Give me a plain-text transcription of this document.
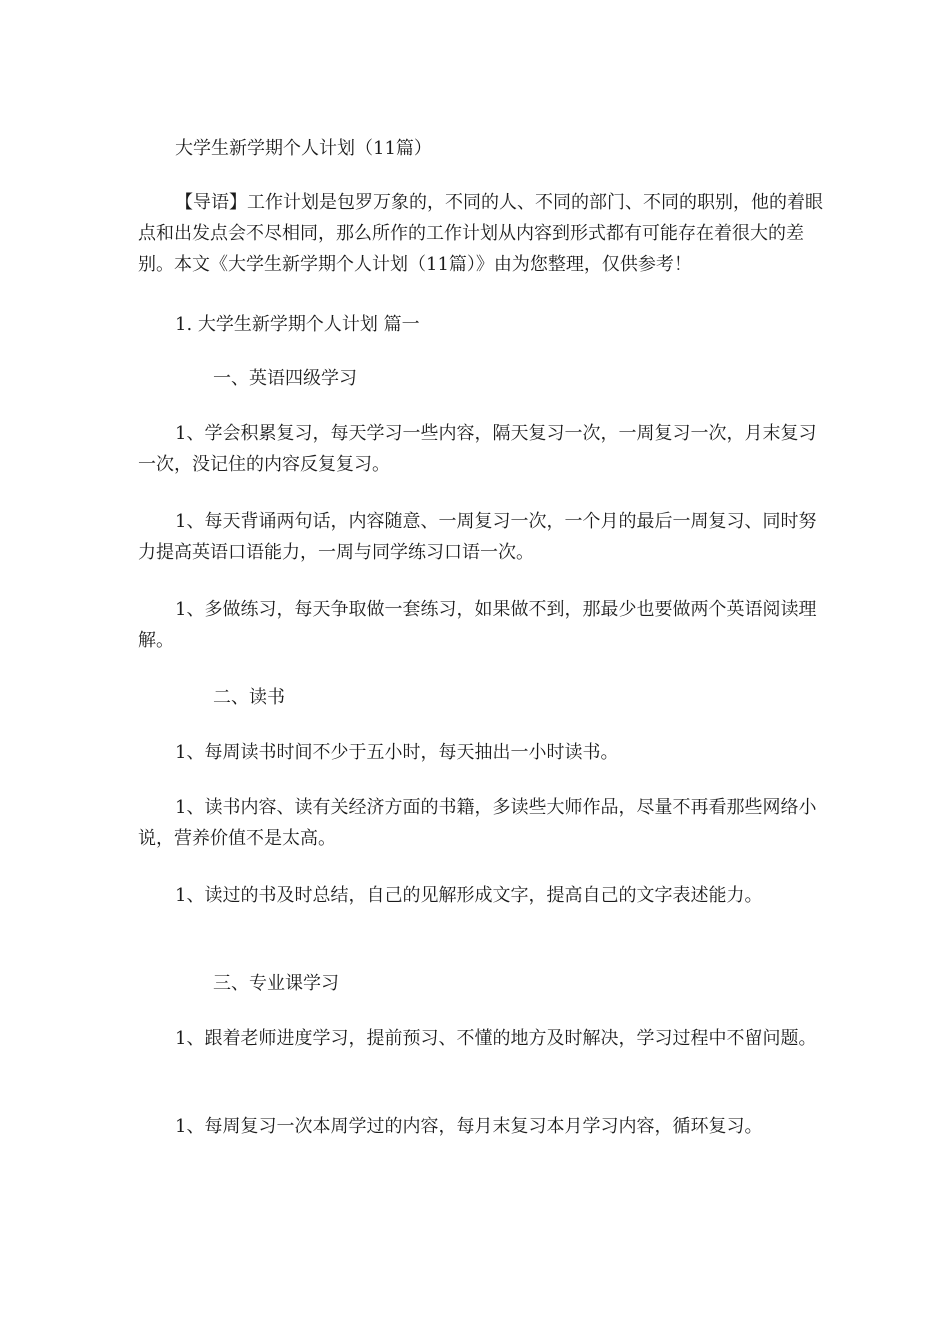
大学生新学期个人计划（11篇）

【导语】工作计划是包罗万象的，不同的人、不同的部门、不同的职别，他的着眼点和出发点会不尽相同，那么所作的工作计划从内容到形式都有可能存在着很大的差别。本文《大学生新学期个人计划（11篇）》由为您整理，仅供参考！

1. 大学生新学期个人计划 篇一

一、英语四级学习

1、学会积累复习，每天学习一些内容，隔天复习一次，一周复习一次，月末复习一次，没记住的内容反复复习。

1、每天背诵两句话，内容随意、一周复习一次，一个月的最后一周复习、同时努力提高英语口语能力，一周与同学练习口语一次。

1、多做练习，每天争取做一套练习，如果做不到，那最少也要做两个英语阅读理解。

二、读书

1、每周读书时间不少于五小时，每天抽出一小时读书。

1、读书内容、读有关经济方面的书籍，多读些大师作品，尽量不再看那些网络小说，营养价值不是太高。

1、读过的书及时总结，自己的见解形成文字，提高自己的文字表述能力。

三、专业课学习

1、跟着老师进度学习，提前预习、不懂的地方及时解决，学习过程中不留问题。

1、每周复习一次本周学过的内容，每月末复习本月学习内容，循环复习。
